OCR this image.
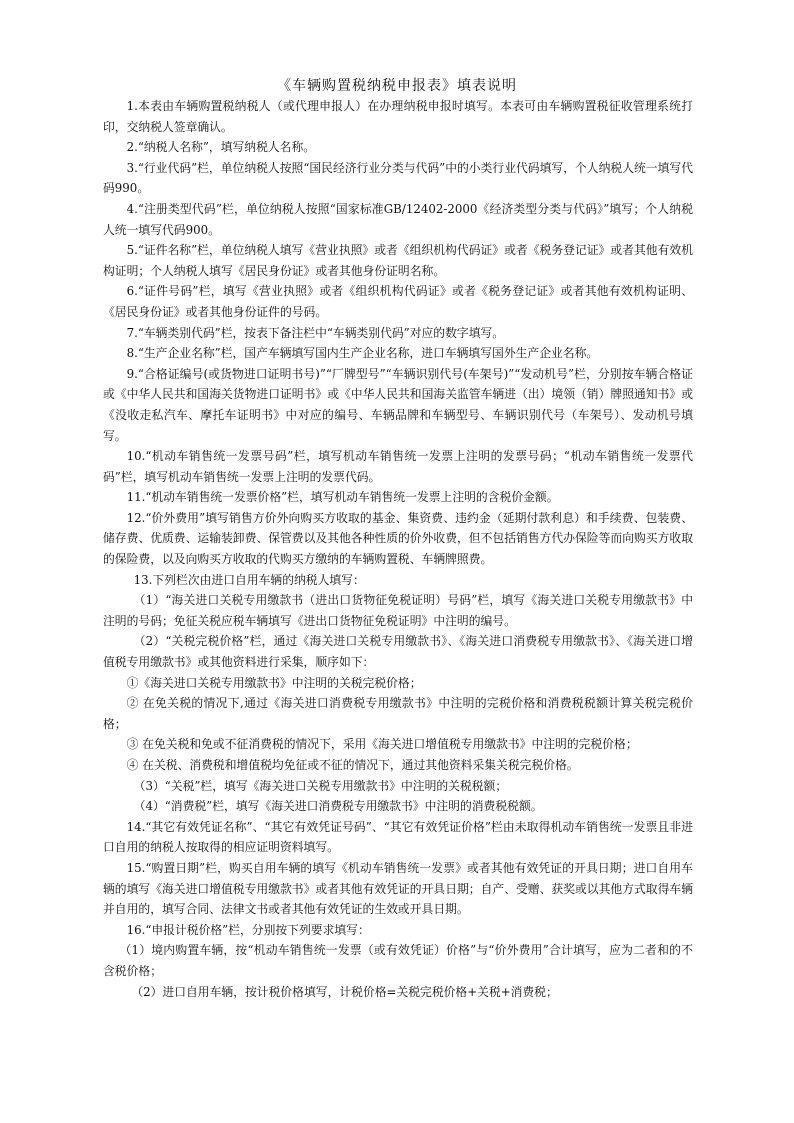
《车辆购置税纳税申报表》填表说明

1.本表由车辆购置税纳税人（或代理申报人）在办理纳税申报时填写。本表可由车辆购置税征收管理系统打印，交纳税人签章确认。

2.“纳税人名称”，填写纳税人名称。

3.“行业代码”栏，单位纳税人按照“国民经济行业分类与代码”中的小类行业代码填写，个人纳税人统一填写代码990。

4.“注册类型代码”栏，单位纳税人按照“国家标准GB/12402-2000《经济类型分类与代码》”填写；个人纳税人统一填写代码900。

5.“证件名称”栏，单位纳税人填写《营业执照》或者《组织机构代码证》或者《税务登记证》或者其他有效机构证明；个人纳税人填写《居民身份证》或者其他身份证明名称。

6.“证件号码”栏，填写《营业执照》或者《组织机构代码证》或者《税务登记证》或者其他有效机构证明、《居民身份证》或者其他身份证件的号码。

7.“车辆类别代码”栏，按表下备注栏中“车辆类别代码”对应的数字填写。

8.“生产企业名称”栏，国产车辆填写国内生产企业名称，进口车辆填写国外生产企业名称。

9.“合格证编号(或货物进口证明书号)”“厂牌型号”“车辆识别代号(车架号)”“发动机号”栏，分别按车辆合格证或《中华人民共和国海关货物进口证明书》或《中华人民共和国海关监管车辆进（出）境领（销）牌照通知书》或《没收走私汽车、摩托车证明书》中对应的编号、车辆品牌和车辆型号、车辆识别代号（车架号）、发动机号填写。

10.“机动车销售统一发票号码”栏，填写机动车销售统一发票上注明的发票号码；“机动车销售统一发票代码”栏，填写机动车销售统一发票上注明的发票代码。

11.“机动车销售统一发票价格”栏，填写机动车销售统一发票上注明的含税价金额。

12.“价外费用”填写销售方价外向购买方收取的基金、集资费、违约金（延期付款利息）和手续费、包装费、储存费、优质费、运输装卸费、保管费以及其他各种性质的价外收费，但不包括销售方代办保险等而向购买方收取的保险费，以及向购买方收取的代购买方缴纳的车辆购置税、车辆牌照费。

13.下列栏次由进口自用车辆的纳税人填写：

（1）“海关进口关税专用缴款书（进出口货物征免税证明）号码”栏，填写《海关进口关税专用缴款书》中注明的号码；免征关税应税车辆填写《进出口货物征免税证明》中注明的编号。

（2）“关税完税价格”栏，通过《海关进口关税专用缴款书》、《海关进口消费税专用缴款书》、《海关进口增值税专用缴款书》或其他资料进行采集，顺序如下：

①《海关进口关税专用缴款书》中注明的关税完税价格；

② 在免关税的情况下,通过《海关进口消费税专用缴款书》中注明的完税价格和消费税税额计算关税完税价格；

③ 在免关税和免或不征消费税的情况下，采用《海关进口增值税专用缴款书》中注明的完税价格；

④ 在关税、消费税和增值税均免征或不征的情况下，通过其他资料采集关税完税价格。

（3）“关税”栏，填写《海关进口关税专用缴款书》中注明的关税税额；

（4）“消费税”栏，填写《海关进口消费税专用缴款书》中注明的消费税税额。

14.“其它有效凭证名称”、“其它有效凭证号码”、“其它有效凭证价格”栏由未取得机动车销售统一发票且非进口自用的纳税人按取得的相应证明资料填写。

15.“购置日期”栏，购买自用车辆的填写《机动车销售统一发票》或者其他有效凭证的开具日期；进口自用车辆的填写《海关进口增值税专用缴款书》或者其他有效凭证的开具日期；自产、受赠、获奖或以其他方式取得车辆并自用的，填写合同、法律文书或者其他有效凭证的生效或开具日期。

16.“申报计税价格”栏，分别按下列要求填写：

（1）境内购置车辆，按“机动车销售统一发票（或有效凭证）价格”与“价外费用”合计填写，应为二者和的不含税价格；

（2）进口自用车辆，按计税价格填写，计税价格=关税完税价格+关税+消费税；
